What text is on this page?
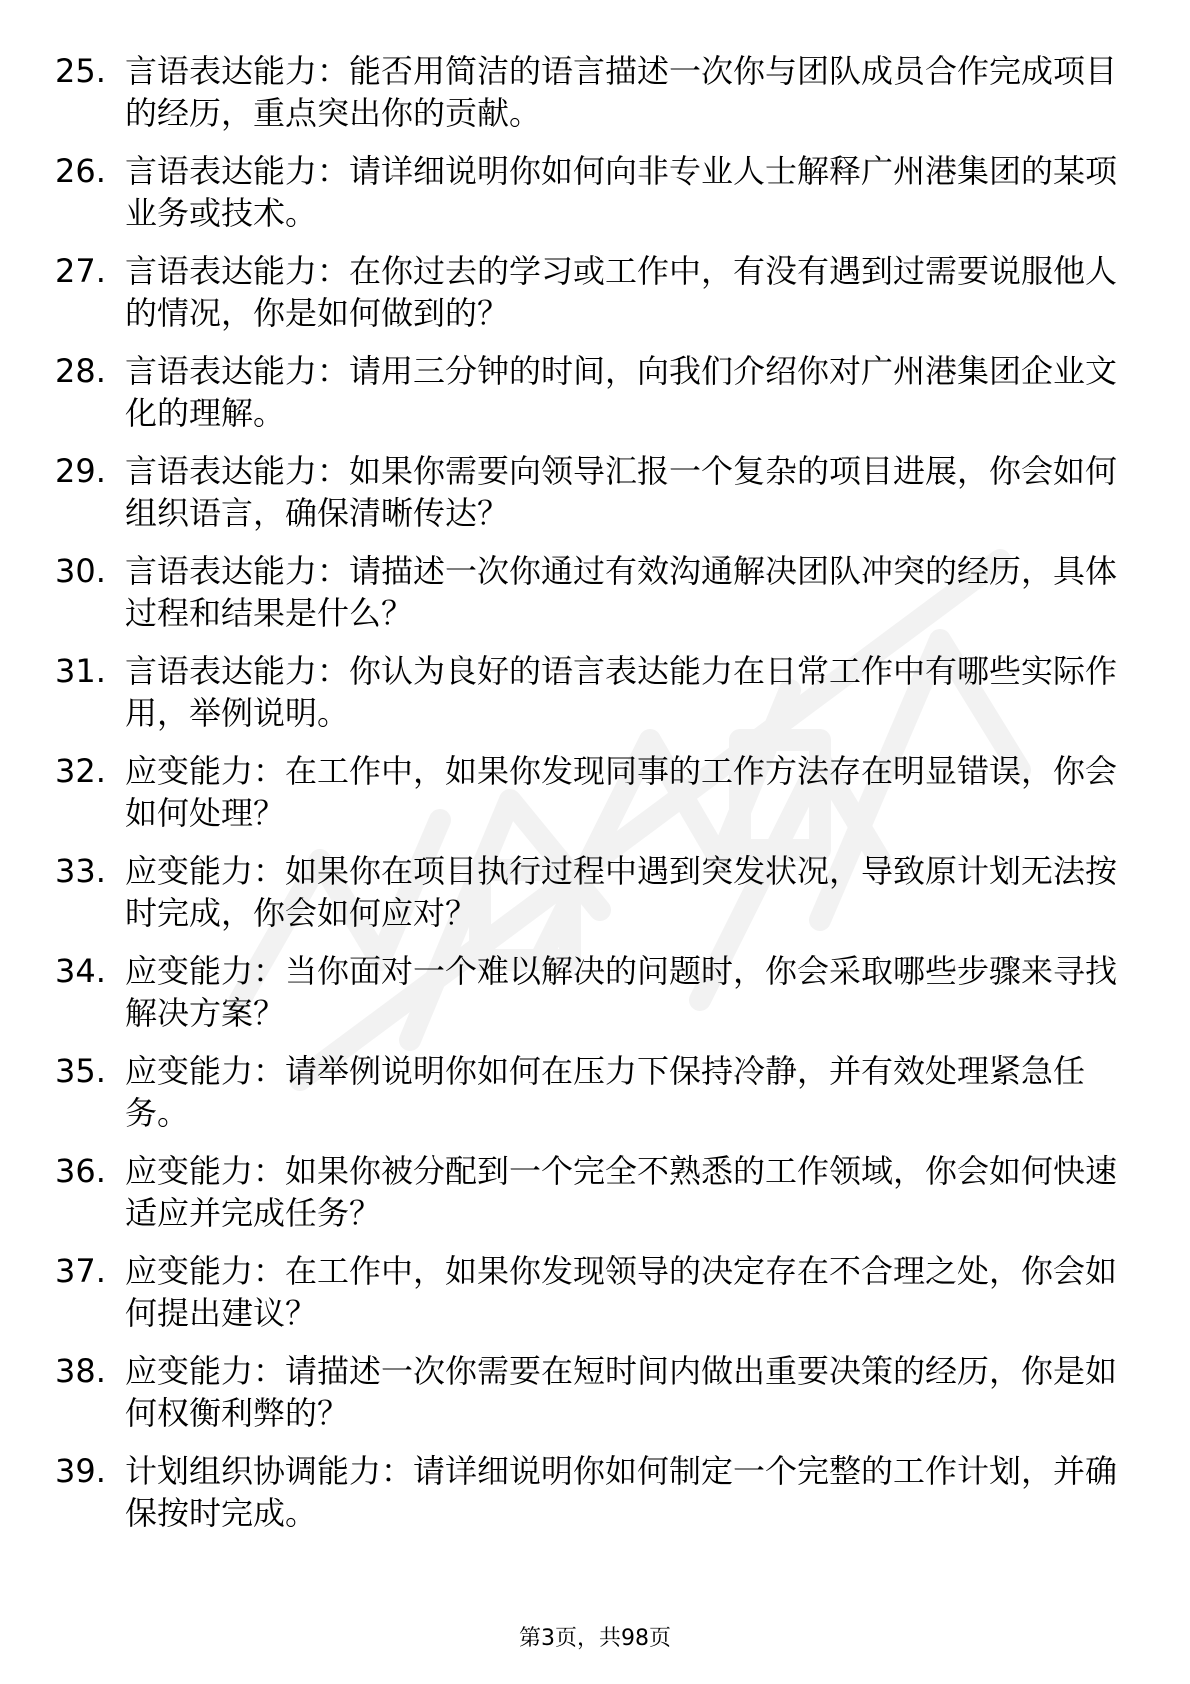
25. 言语表达能力：能否用简洁的语言描述一次你与团队成员合作完成项目的经历，重点突出你的贡献。
26. 言语表达能力：请详细说明你如何向非专业人士解释广州港集团的某项业务或技术。
27. 言语表达能力：在你过去的学习或工作中，有没有遇到过需要说服他人的情况，你是如何做到的？
28. 言语表达能力：请用三分钟的时间，向我们介绍你对广州港集团企业文化的理解。
29. 言语表达能力：如果你需要向领导汇报一个复杂的项目进展，你会如何组织语言，确保清晰传达？
30. 言语表达能力：请描述一次你通过有效沟通解决团队冲突的经历，具体过程和结果是什么？
31. 言语表达能力：你认为良好的语言表达能力在日常工作中有哪些实际作用，举例说明。
32. 应变能力：在工作中，如果你发现同事的工作方法存在明显错误，你会如何处理？
33. 应变能力：如果你在项目执行过程中遇到突发状况，导致原计划无法按时完成，你会如何应对？
34. 应变能力：当你面对一个难以解决的问题时，你会采取哪些步骤来寻找解决方案？
35. 应变能力：请举例说明你如何在压力下保持冷静，并有效处理紧急任务。
36. 应变能力：如果你被分配到一个完全不熟悉的工作领域，你会如何快速适应并完成任务？
37. 应变能力：在工作中，如果你发现领导的决定存在不合理之处，你会如何提出建议？
38. 应变能力：请描述一次你需要在短时间内做出重要决策的经历，你是如何权衡利弊的？
39. 计划组织协调能力：请详细说明你如何制定一个完整的工作计划，并确保按时完成。
第3页，共98页
